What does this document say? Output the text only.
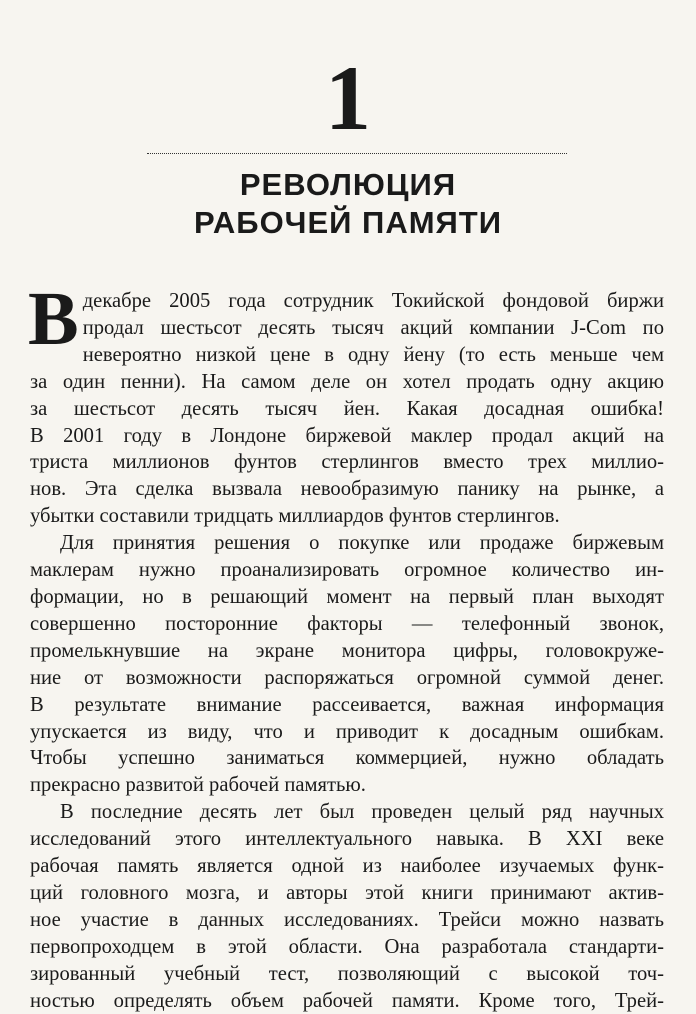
1
РЕВОЛЮЦИЯ
РАБОЧЕЙ ПАМЯТИ

В декабре 2005 года сотрудник Токийской фондовой биржи
продал шестьсот десять тысяч акций компании J-Com по
невероятно низкой цене в одну йену (то есть меньше чем
за один пенни). На самом деле он хотел продать одну акцию
за шестьсот десять тысяч йен. Какая досадная ошибка!
В 2001 году в Лондоне биржевой маклер продал акций на
триста миллионов фунтов стерлингов вместо трех миллио-
нов. Эта сделка вызвала невообразимую панику на рынке, а
убытки составили тридцать миллиардов фунтов стерлингов.

Для принятия решения о покупке или продаже биржевым
маклерам нужно проанализировать огромное количество ин-
формации, но в решающий момент на первый план выходят
совершенно посторонние факторы — телефонный звонок,
промелькнувшие на экране монитора цифры, головокруже-
ние от возможности распоряжаться огромной суммой денег.
В результате внимание рассеивается, важная информация
упускается из виду, что и приводит к досадным ошибкам.
Чтобы успешно заниматься коммерцией, нужно обладать
прекрасно развитой рабочей памятью.

В последние десять лет был проведен целый ряд научных
исследований этого интеллектуального навыка. В XXI веке
рабочая память является одной из наиболее изучаемых функ-
ций головного мозга, и авторы этой книги принимают актив-
ное участие в данных исследованиях. Трейси можно назвать
первопроходцем в этой области. Она разработала стандарти-
зированный учебный тест, позволяющий с высокой точ-
ностью определять объем рабочей памяти. Кроме того, Трей-
